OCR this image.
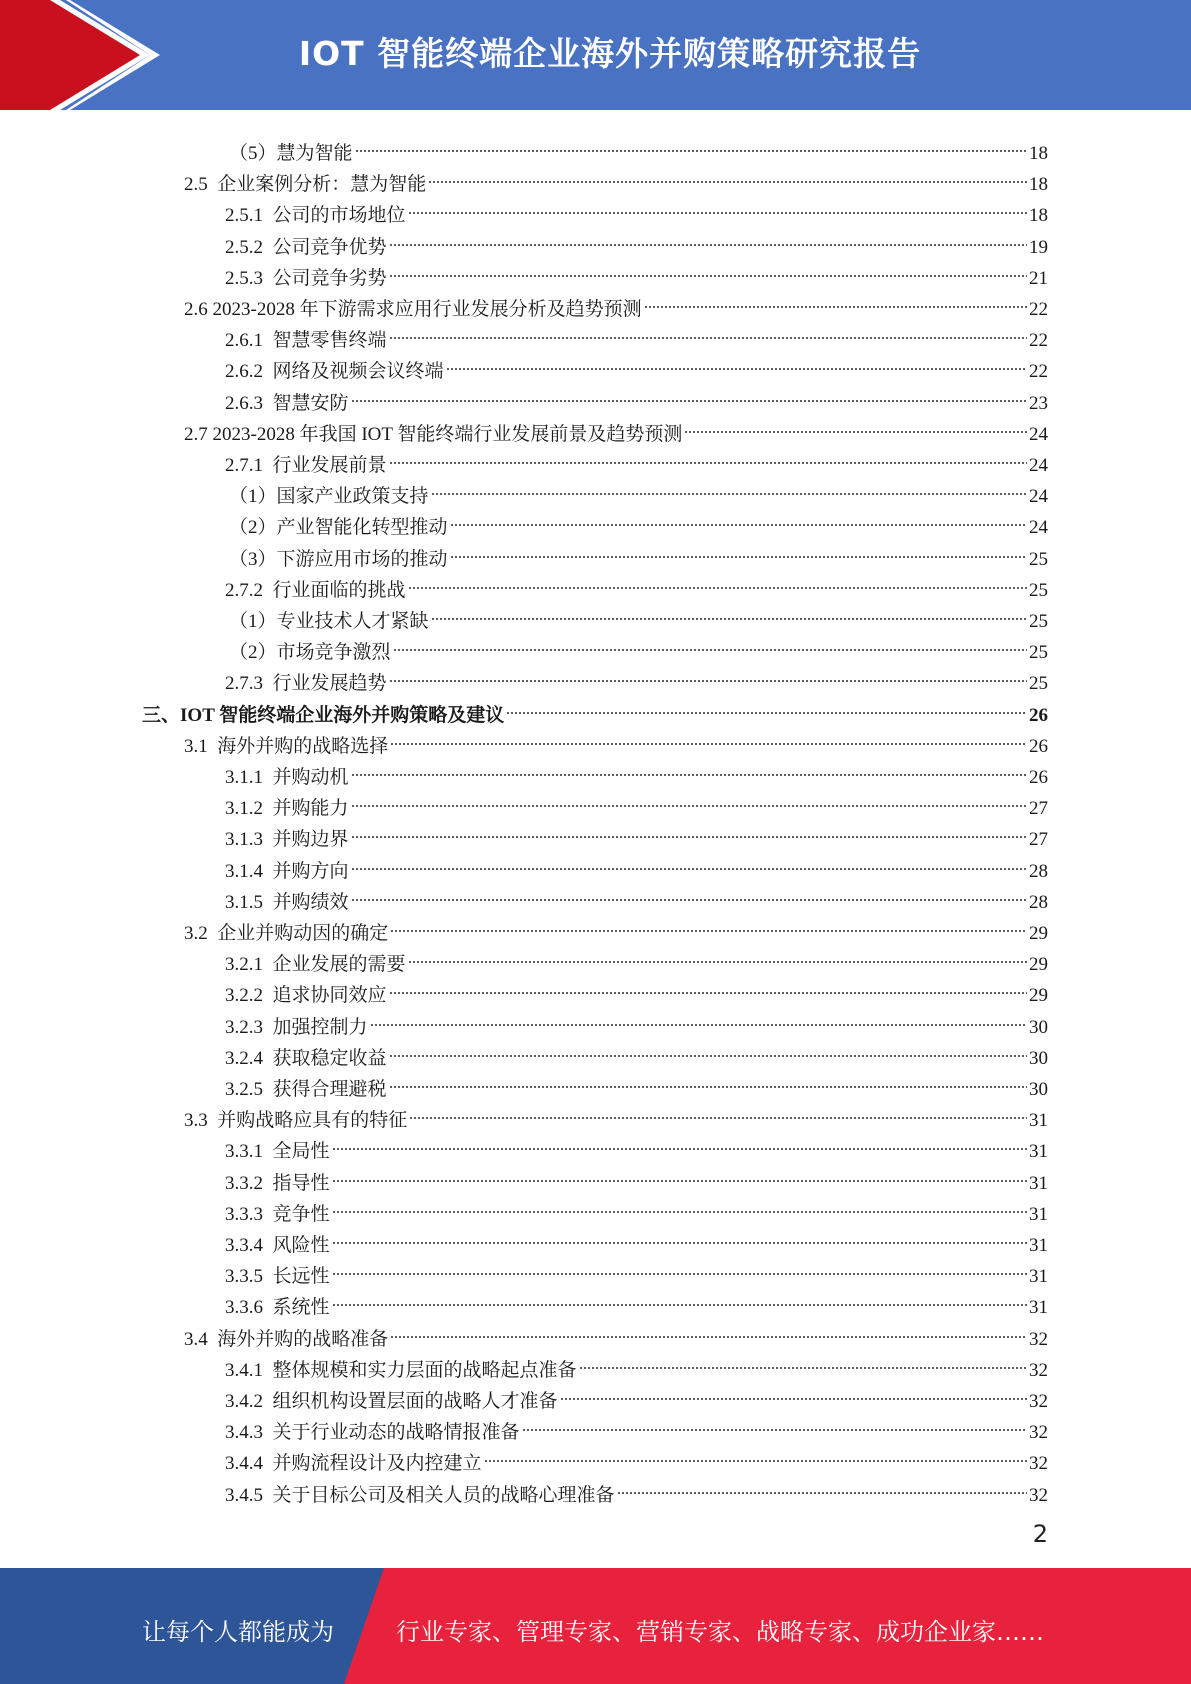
IOT 智能终端企业海外并购策略研究报告
（5）慧为智能	18
2.5 企业案例分析：慧为智能	18
2.5.1 公司的市场地位	18
2.5.2 公司竞争优势	19
2.5.3 公司竞争劣势	21
2.6 2023-2028 年下游需求应用行业发展分析及趋势预测	22
2.6.1 智慧零售终端	22
2.6.2 网络及视频会议终端	22
2.6.3 智慧安防	23
2.7 2023-2028 年我国 IOT 智能终端行业发展前景及趋势预测	24
2.7.1 行业发展前景	24
（1）国家产业政策支持	24
（2）产业智能化转型推动	24
（3）下游应用市场的推动	25
2.7.2 行业面临的挑战	25
（1）专业技术人才紧缺	25
（2）市场竞争激烈	25
2.7.3 行业发展趋势	25
三、 IOT 智能终端企业海外并购策略及建议	26
3.1 海外并购的战略选择	26
3.1.1 并购动机	26
3.1.2 并购能力	27
3.1.3 并购边界	27
3.1.4 并购方向	28
3.1.5 并购绩效	28
3.2 企业并购动因的确定	29
3.2.1 企业发展的需要	29
3.2.2 追求协同效应	29
3.2.3 加强控制力	30
3.2.4 获取稳定收益	30
3.2.5 获得合理避税	30
3.3 并购战略应具有的特征	31
3.3.1 全局性	31
3.3.2 指导性	31
3.3.3 竞争性	31
3.3.4 风险性	31
3.3.5 长远性	31
3.3.6 系统性	31
3.4 海外并购的战略准备	32
3.4.1 整体规模和实力层面的战略起点准备	32
3.4.2 组织机构设置层面的战略人才准备	32
3.4.3 关于行业动态的战略情报准备	32
3.4.4 并购流程设计及内控建立	32
3.4.5 关于目标公司及相关人员的战略心理准备	32
2
让每个人都能成为	行业专家、管理专家、营销专家、战略专家、成功企业家……
